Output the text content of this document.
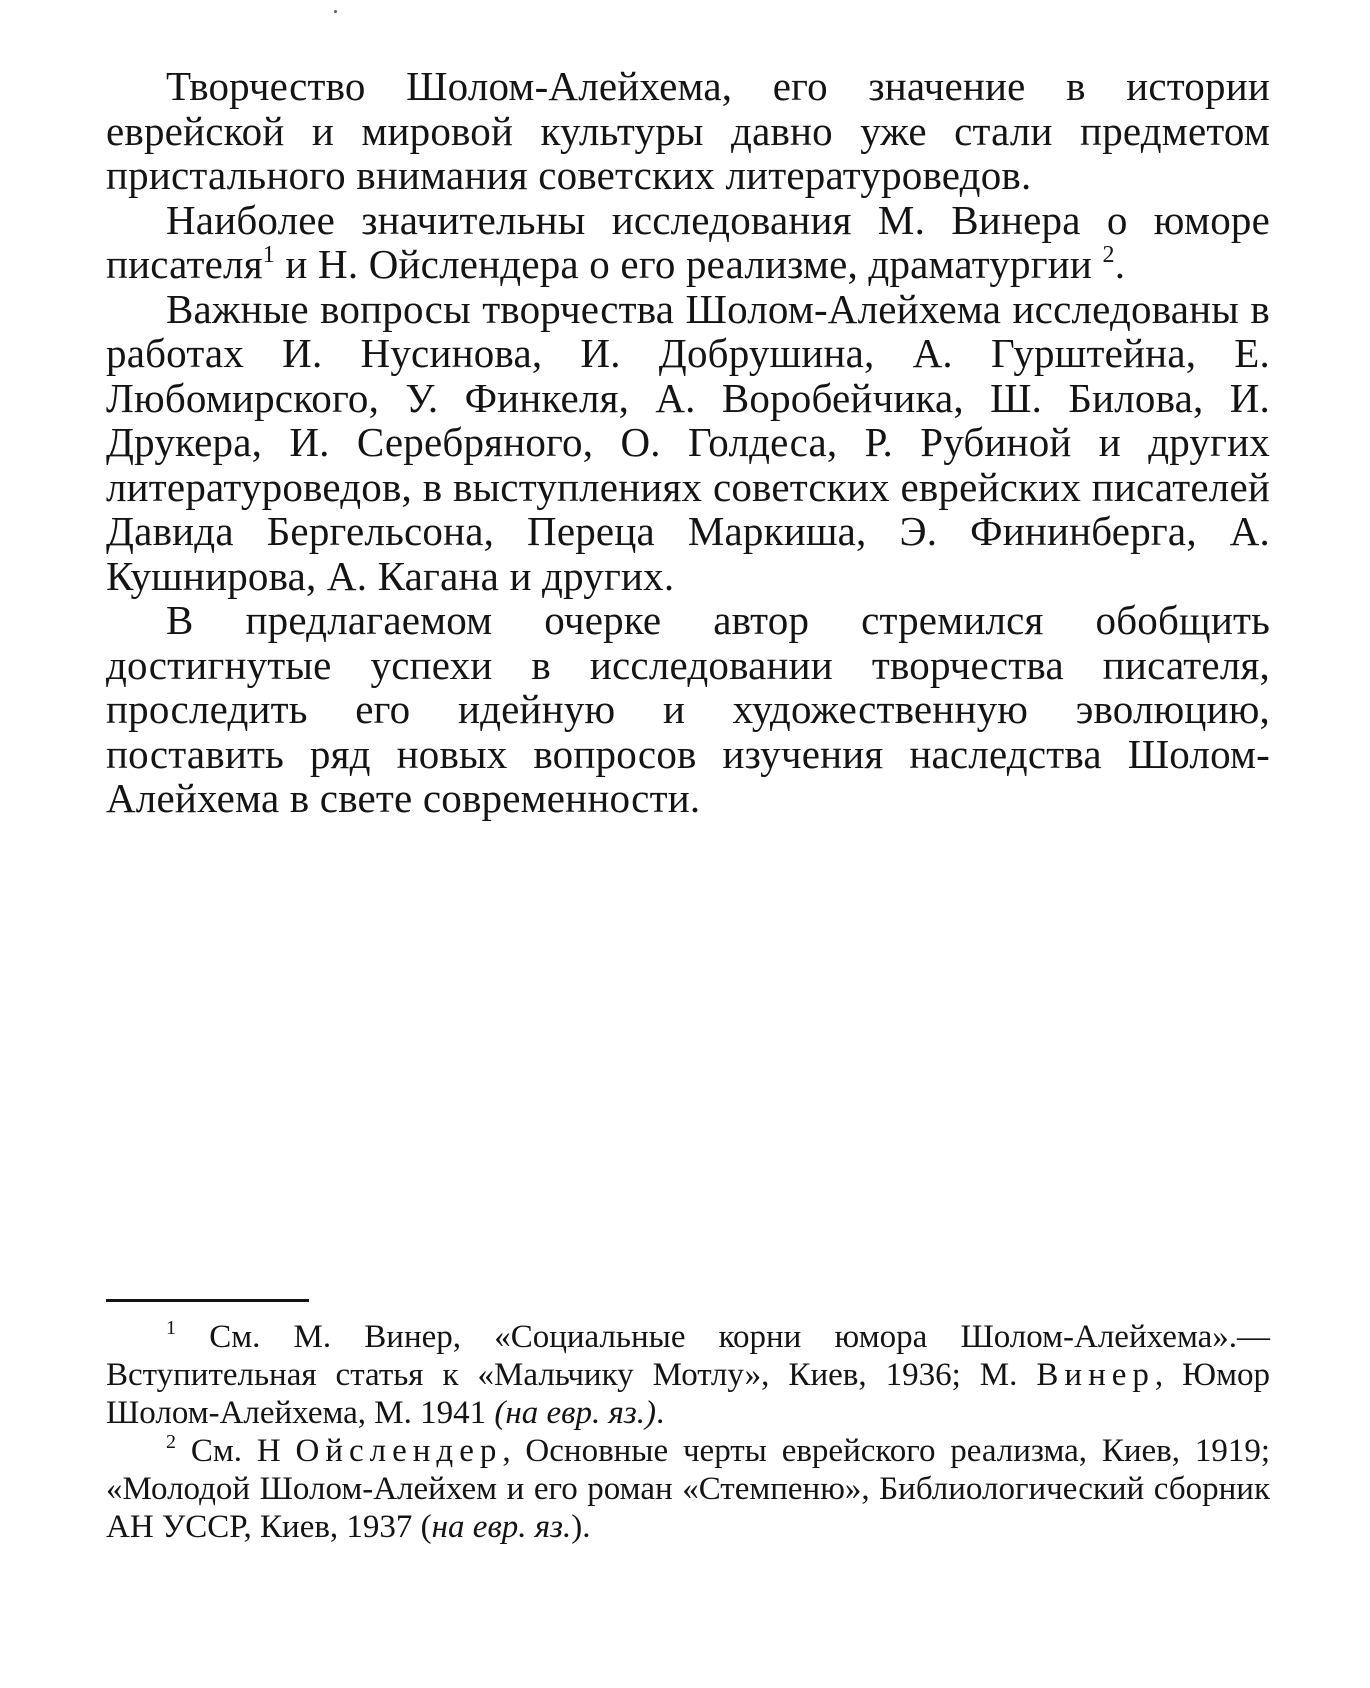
Творчество Шолом-Алейхема, его значение в истории еврейской и мировой культуры давно уже стали предметом пристального внимания советских литературоведов.

Наиболее значительны исследования М. Винера о юморе писателя$^1$ и Н. Ойслендера о его реализме, драматургии $^2$.

Важные вопросы творчества Шолом-Алейхема исследованы в работах И. Нусинова, И. Добрушина, А. Гурштейна, Е. Любомирского, У. Финкеля, А. Воробейчика, Ш. Билова, И. Друкера, И. Серебряного, О. Голдеса, Р. Рубиной и других литературоведов, в выступлениях советских еврейских писателей Давида Бергельсона, Переца Маркиша, Э. Фининберга, А. Кушнирова, А. Кагана и других.

В предлагаемом очерке автор стремился обобщить достигнутые успехи в исследовании творчества писателя, проследить его идейную и художественную эволюцию, поставить ряд новых вопросов изучения наследства Шолом-Алейхема в свете современности.

$^1$ См. М. Винер, «Социальные корни юмора Шолом-Алейхема».— Вступительная статья к «Мальчику Мотлу», Киев, 1936; М. Винер, Юмор Шолом-Алейхема, М. 1941 (на евр. яз.).

$^2$ См. Н Ойслендер, Основные черты еврейского реализма, Киев, 1919; «Молодой Шолом-Алейхем и его роман «Стемпеню», Библиологический сборник АН УССР, Киев, 1937 (на евр. яз.).
